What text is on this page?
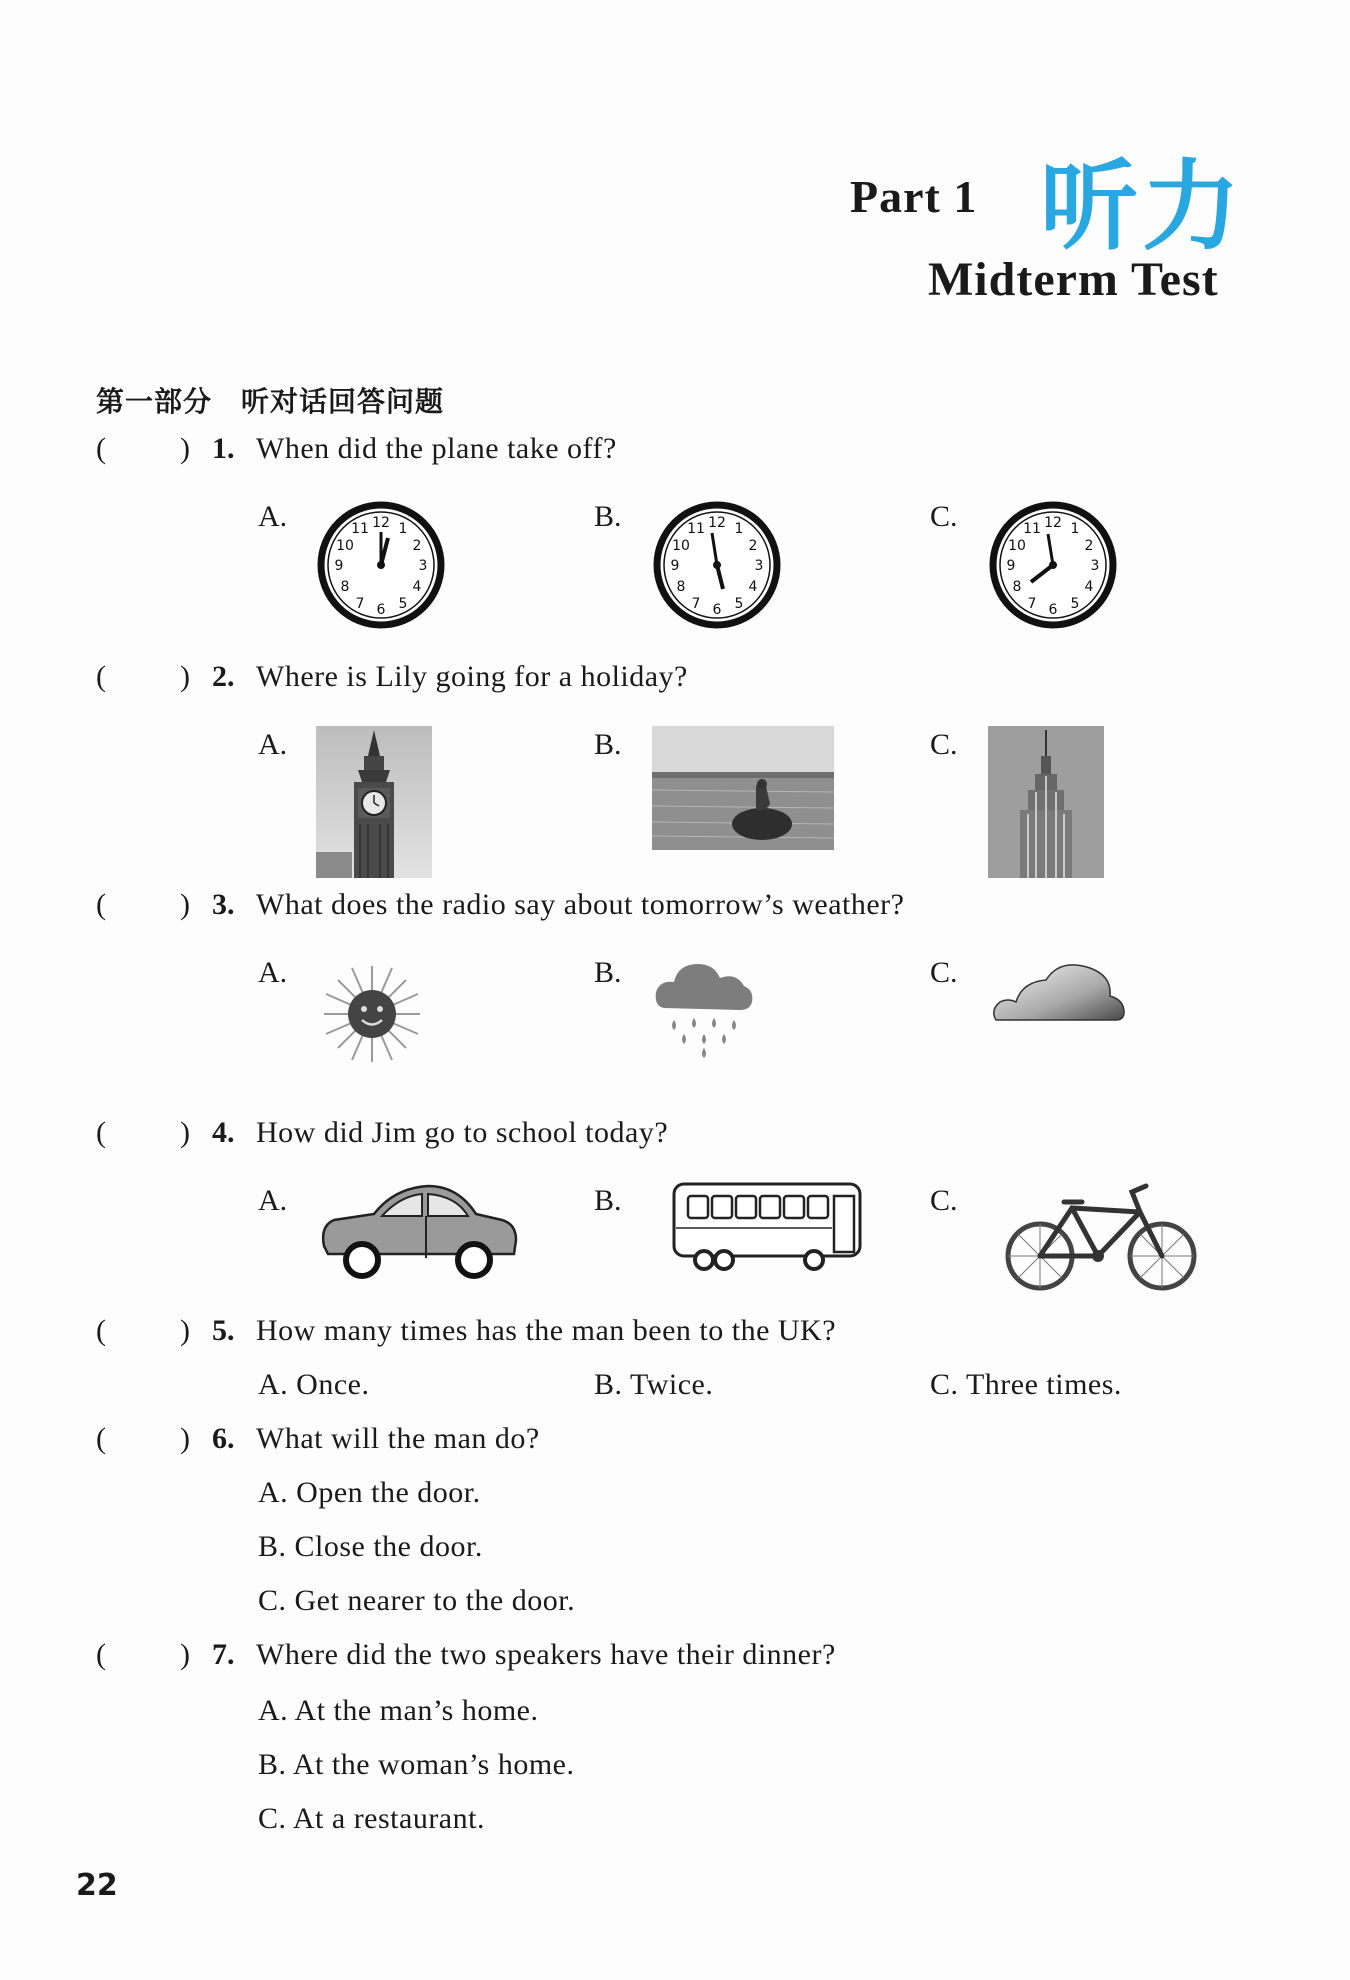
Part 1 听力
Midterm Test
第一部分　听对话回答问题
( ) 1. When did the plane take off?
A.	B.	C.
12 1
2
3
4
5
6
7
8
9
10
11	12 1
2
3
4
5
6
7
8
9
10
11	12 1
2
3
4
5
6
7
8
9
10
11
( ) 2. Where is Lily going for a holiday?
A.	B.	C.
( ) 3. What does the radio say about tomorrow’s weather?
A.	B.	C.
( ) 4. How did Jim go to school today?
A.	B.	C.
( ) 5. How many times has the man been to the UK?
A. Once.	B. Twice.	C. Three times.
( ) 6. What will the man do?
A. Open the door.
B. Close the door.
C. Get nearer to the door.
( ) 7. Where did the two speakers have their dinner?
A. At the man’s home.
B. At the woman’s home.
C. At a restaurant.
22
